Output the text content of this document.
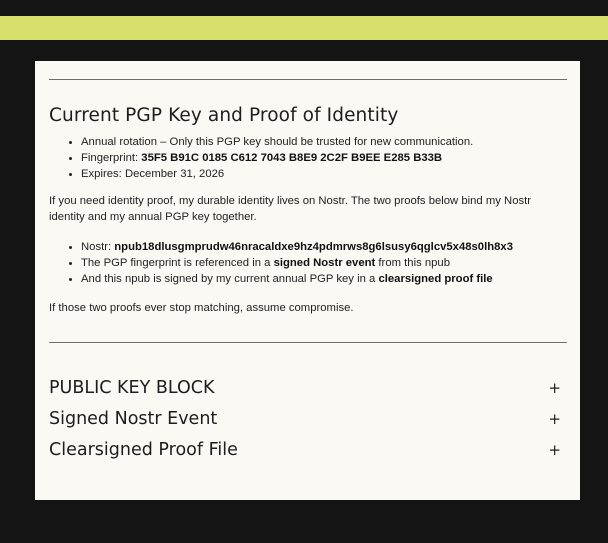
Current PGP Key and Proof of Identity
• Annual rotation – Only this PGP key should be trusted for new communication.
• Fingerprint: 35F5 B91C 0185 C612 7043 B8E9 2C2F B9EE E285 B33B
• Expires: December 31, 2026

If you need identity proof, my durable identity lives on Nostr. The two proofs below bind my Nostr identity and my annual PGP key together.

• Nostr: npub18dlusgmprudw46nracaldxe9hz4pdmrws8g6lsusy6qglcv5x48s0lh8x3
• The PGP fingerprint is referenced in a signed Nostr event from this npub
• And this npub is signed by my current annual PGP key in a clearsigned proof file

If those two proofs ever stop matching, assume compromise.

PUBLIC KEY BLOCK	+
Signed Nostr Event	+
Clearsigned Proof File	+
